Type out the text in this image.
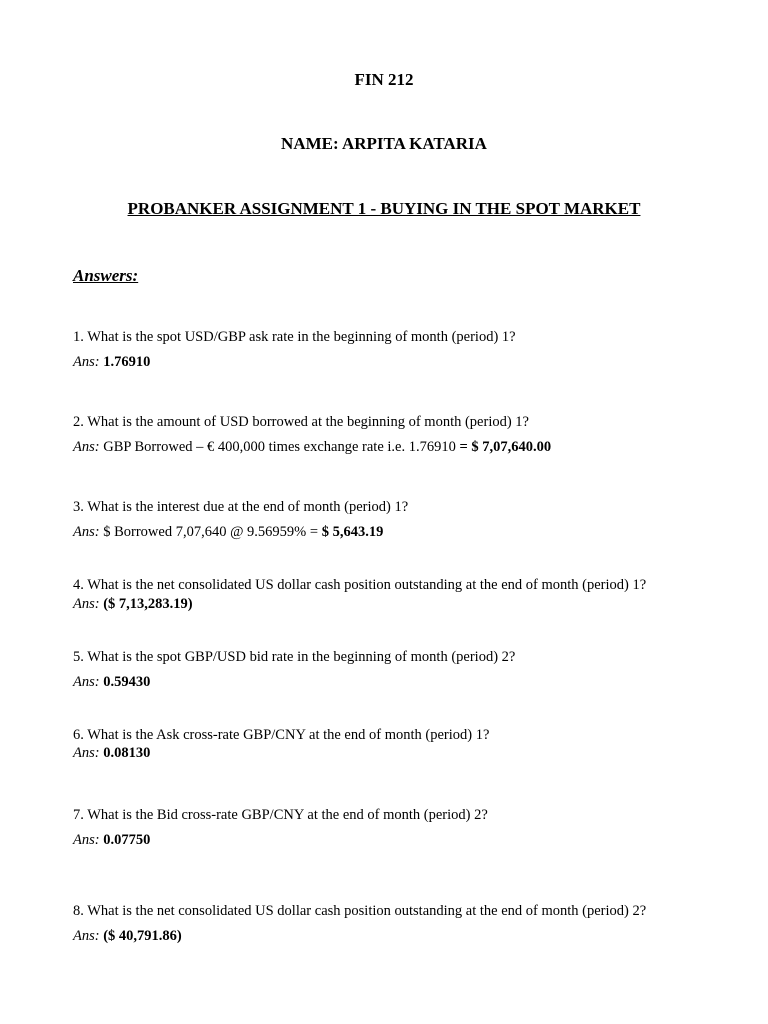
FIN 212
NAME: ARPITA KATARIA
PROBANKER ASSIGNMENT 1 - BUYING IN THE SPOT MARKET
Answers:
1. What is the spot USD/GBP ask rate in the beginning of month (period) 1?
Ans: 1.76910
2. What is the amount of USD borrowed at the beginning of month (period) 1?
Ans: GBP Borrowed – € 400,000 times exchange rate i.e. 1.76910 = $ 7,07,640.00
3. What is the interest due at the end of month (period) 1?
Ans: $ Borrowed 7,07,640 @ 9.56959% = $ 5,643.19
4. What is the net consolidated US dollar cash position outstanding at the end of month (period) 1?
Ans: ($ 7,13,283.19)
5. What is the spot GBP/USD bid rate in the beginning of month (period) 2?
Ans: 0.59430
6. What is the Ask cross-rate GBP/CNY at the end of month (period) 1?
Ans: 0.08130
7. What is the Bid cross-rate GBP/CNY at the end of month (period) 2?
Ans: 0.07750
8. What is the net consolidated US dollar cash position outstanding at the end of month (period) 2?
Ans: ($ 40,791.86)
